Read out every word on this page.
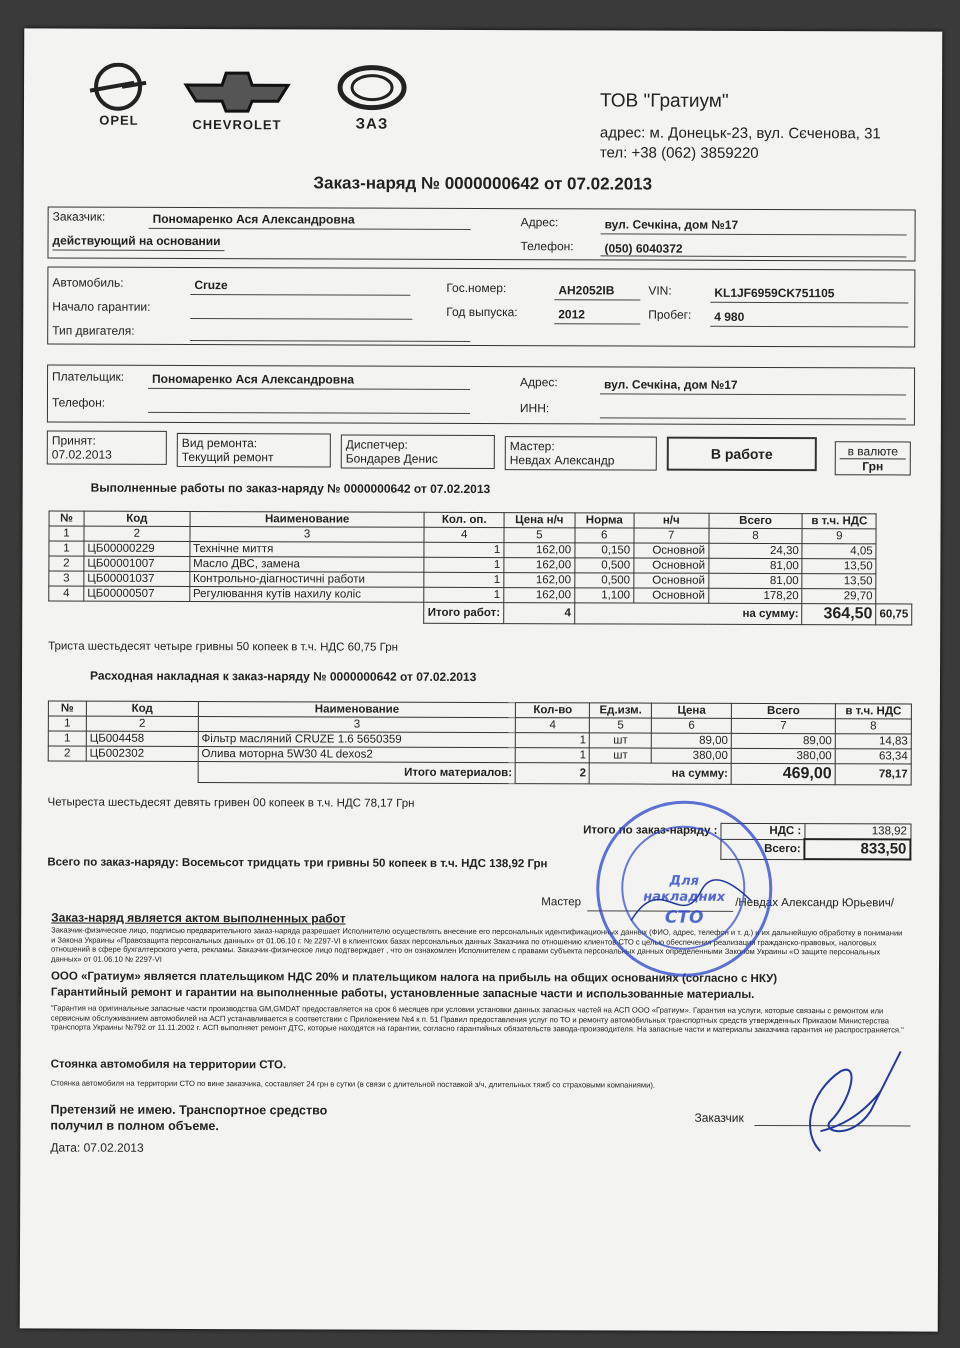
OPEL	CHEVROLET	ЗАЗ
ТОВ "Гратиум"
адрес: м. Донецьк-23, вул. Сєченова, 31
тел: +38 (062) 3859220
Заказ-наряд № 0000000642 от 07.02.2013
Заказчик:	Пономаренко Ася Александровна
действующий на основании
Адрес:	вул. Сечкіна, дом №17
Телефон:	(050) 6040372
Автомобиль:	Cruze	Гос.номер:	АН2052ІВ	VIN:	KL1JF6959CK751105
Начало гарантии:	Год выпуска:	2012	Пробег: 4 980
Тип двигателя:
Плательщик: Пономаренко Ася Александровна	Адрес:	вул. Сечкіна, дом №17
Телефон:	ИНН:
Принят:
07.02.2013
Вид ремонта:
Текущий ремонт
Диспетчер:
Бондарев Денис
Мастер:
Невдах Александр	В работе	в валюте
Грн
Выполненные работы по заказ-наряду № 0000000642 от 07.02.2013
№	Код	Наименование	Кол. оп.	Цена н/ч	Норма	н/ч	Всего	в т.ч. НДС	
1	2	3	4	5	6	7	8	9	
1	ЦБ00000229	Технічне миття	1	162,00	0,150	Основной	24,30	4,05	
2	ЦБ00001007	Масло ДВС, замена	1	162,00	0,500	Основной	81,00	13,50	
3	ЦБ00001037	Контрольно-діагностичні работи	1	162,00	0,500	Основной	81,00	13,50	
4	ЦБ00000507	Регулювання кутів нахилу коліс	1	162,00	1,100	Основной	178,20	29,70	
			Итого работ:	4	на сумму:			364,50	60,75
Триста шестьдесят четыре гривны 50 копеек в т.ч. НДС 60,75 Грн
Расходная накладная к заказ-наряду № 0000000642 от 07.02.2013
№	Код	Наименование	Кол-во	Ед.изм.	Цена	Всего	в т.ч. НДС
1	2	3	4	5	6	7	8
1	ЦБ004458	Фільтр масляний CRUZE 1.6 5650359	1	шт	89,00	89,00	14,83
2	ЦБ002302	Олива моторна 5W30 4L dexos2	1	шт	380,00	380,00	63,34
		Итого материалов:	2	на сумму:		469,00	78,17
Четыреста шестьдесят девять гривен 00 копеек в т.ч. НДС 78,17 Грн
Итого по заказ-наряду :	НДС :	138,92
	Всего:	833,50
Всего по заказ-наряду: Восемьсот тридцать три гривны 50 копеек в т.ч. НДС 138,92 Грн
Мастер	/Невдах Александр Юрьевич/
Заказ-наряд является актом выполненных работ
Заказчик-физическое лицо, подписью предварительного заказ-наряда разрешает Исполнителю осуществлять внесение его персональных идентификационных данных (ФИО, адрес, телефон и т. д.) и их дальнейшую обработку в понимании и Закона Украины «Правозащита персональных данных» от 01.06.10 г. № 2297-VI в клиентских базах персональных данных Заказчика по отношению клиентов СТО с целью обеспечения реализации гражданско-правовых, налоговых отношений в сфере бухгалтерского учета, рекламы. Заказчик-физическое лицо подтверждает , что он ознакомлен Исполнителем с правами субъекта персональных данных определенными Законом Украины «О защите персональных данных» от 01.06.10 № 2297-VI
ООО «Гратиум» является плательщиком НДС 20% и плательщиком налога на прибыль на общих основаниях (согласно с НКУ)
Гарантийный ремонт и гарантии на выполненные работы, установленные запасные части и использованные материалы.
"Гарантия на оригинальные запасные части производства GM,GMDAT предоставляется на срок 6 месяцев при условии установки данных запасных частей на АСП ООО «Гратиум». Гарантия на услуги, которые связаны с ремонтом или сервисным обслуживанием автомобилей на АСП устанавливается в соответствии с Приложением №4 к п. 51 Правил предоставления услуг по ТО и ремонту автомобильных транспортных средств утвержденных Приказом Министерства транспорта Украины №792 от 11.11.2002 г. АСП выполняет ремонт ДТС, которые находятся на гарантии, согласно гарантийных обязательств завода-производителя. На запасные части и материалы заказчика гарантия не распространяется."
Стоянка автомобиля на территории СТО.
Стоянка автомобиля на территории СТО по вине заказчика, составляет 24 грн в сутки (в связи с длительной поставкой з/ч, длительных тяжб со страховыми компаниями).
Претензий не имею. Транспортное средство
получил в полном объеме.
Дата: 07.02.2013
Заказчик
Для
накладних
СТО
